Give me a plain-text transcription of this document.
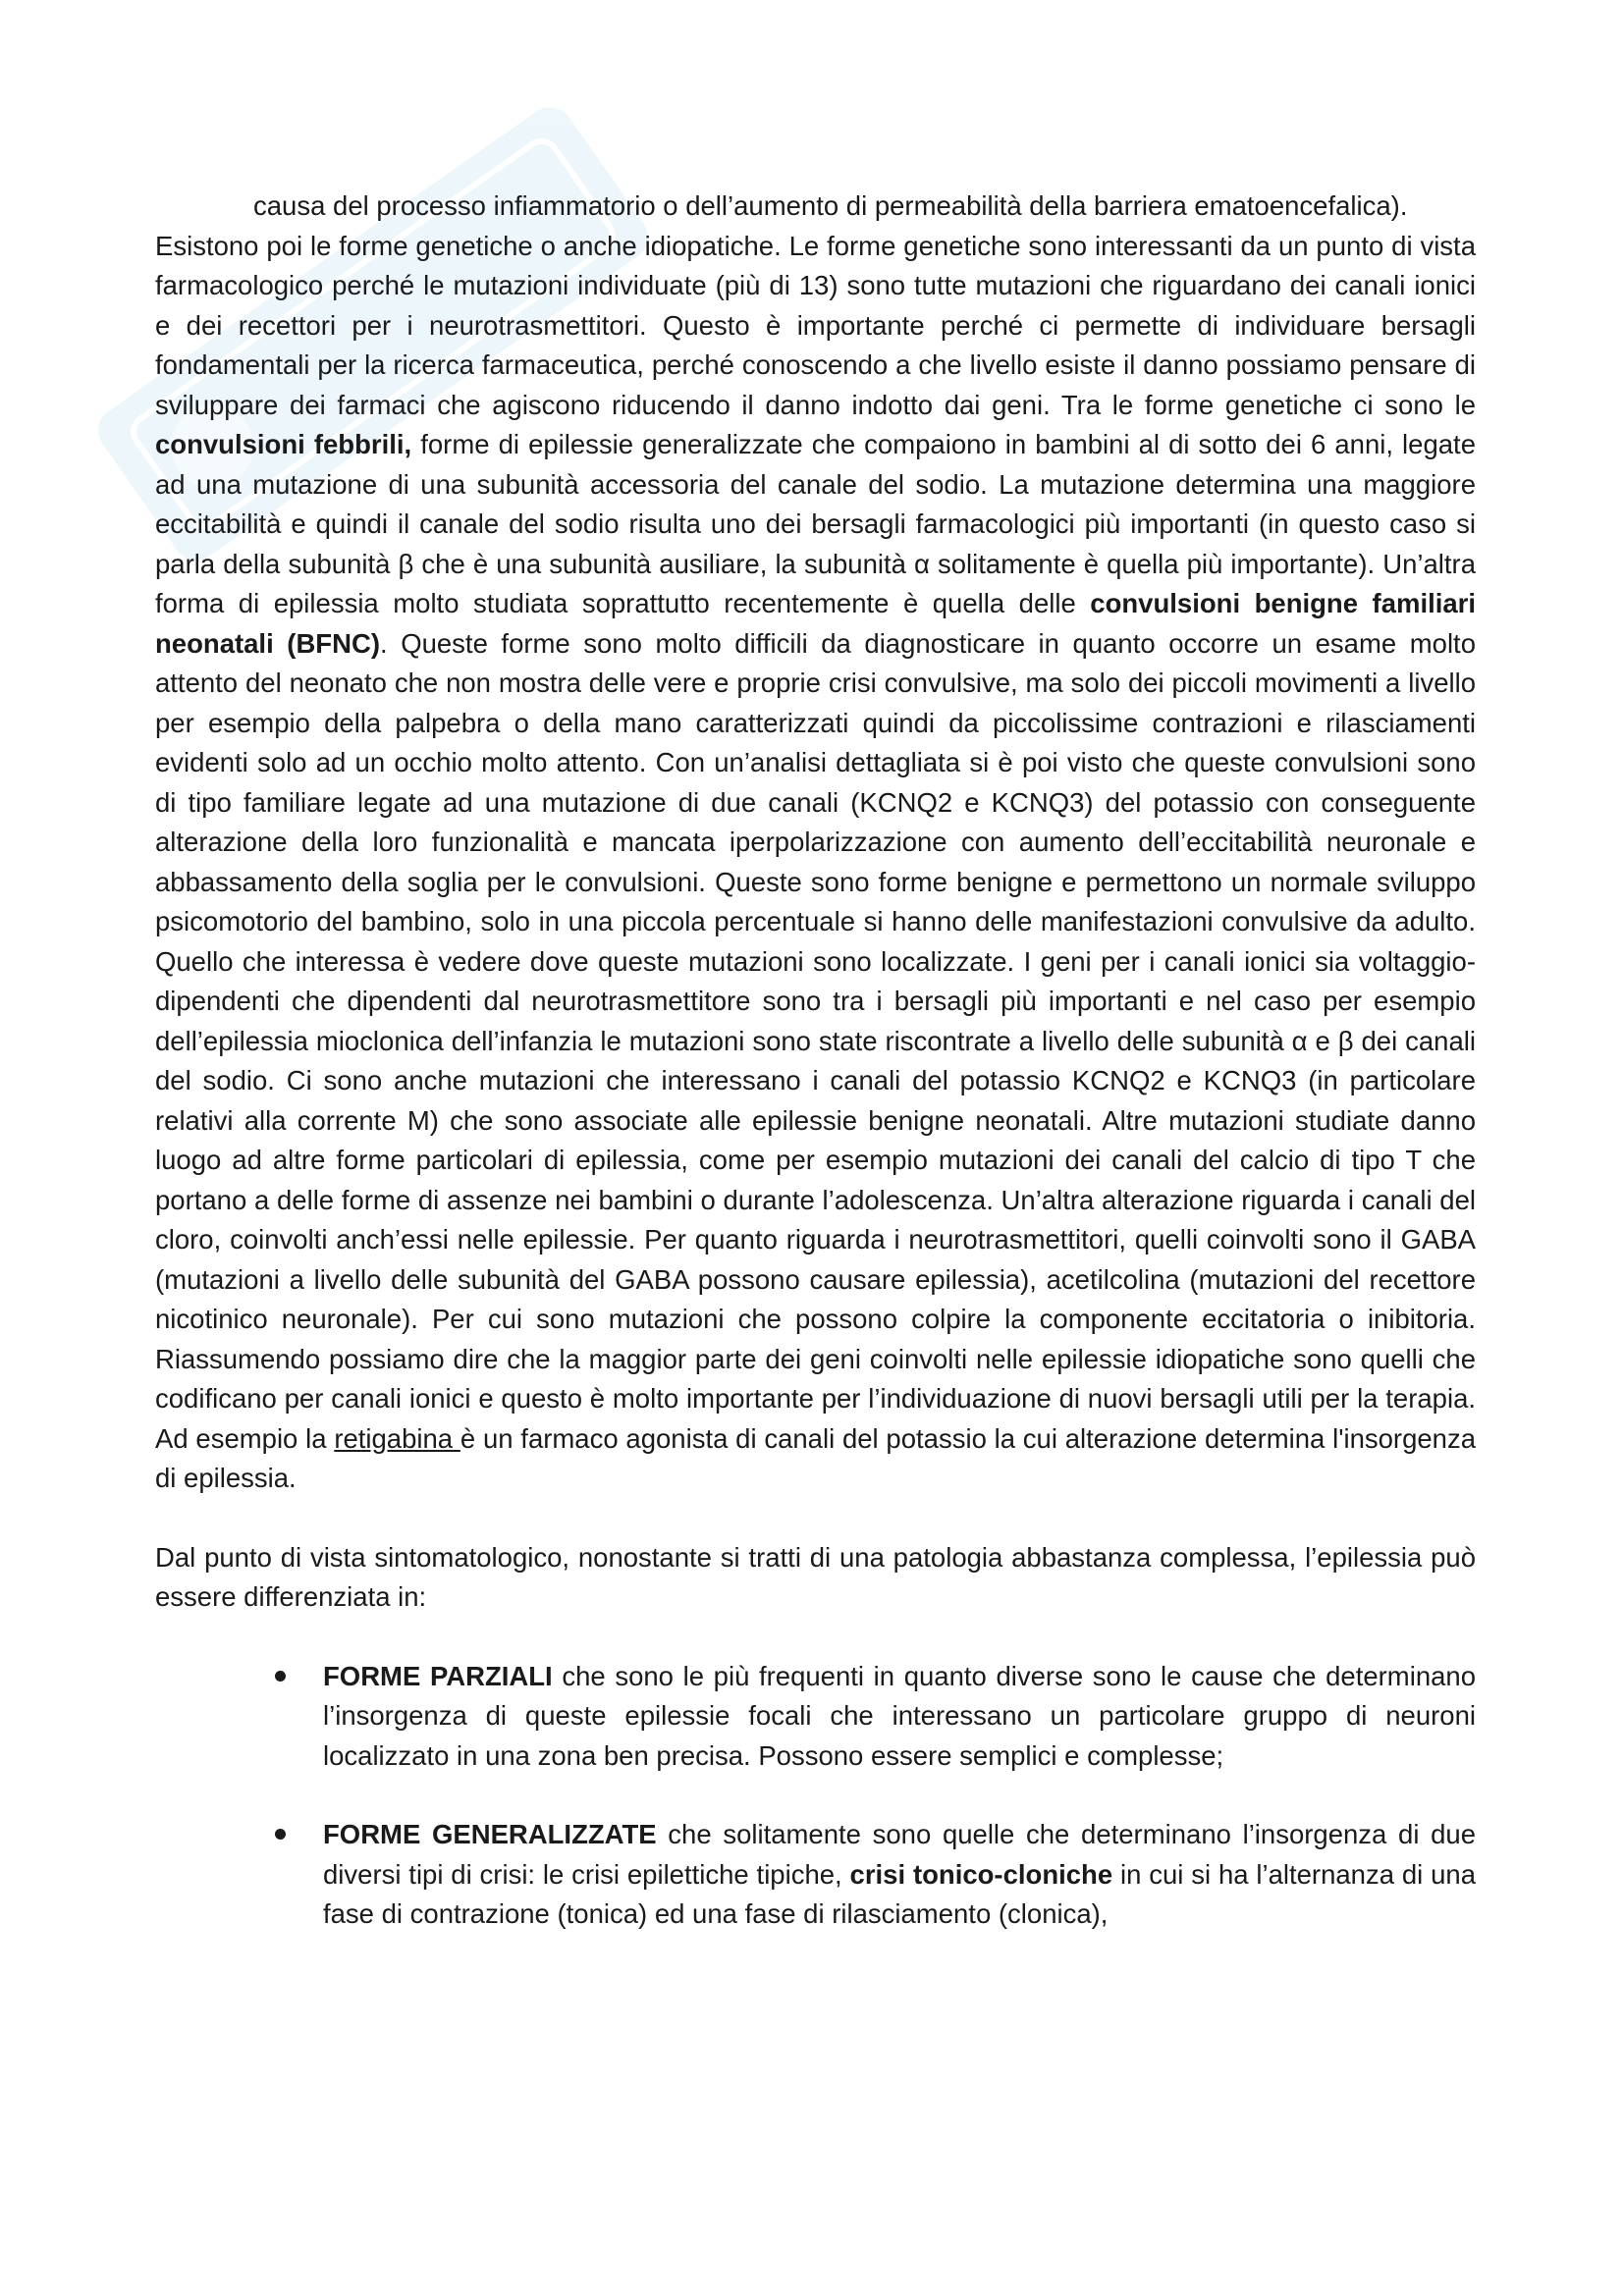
causa del processo infiammatorio o dell’aumento di permeabilità della barriera ematoencefalica).

Esistono poi le forme genetiche o anche idiopatiche. Le forme genetiche sono interessanti da un punto di vista farmacologico perché le mutazioni individuate (più di 13) sono tutte mutazioni che riguardano dei canali ionici e dei recettori per i neurotrasmettitori. Questo è importante perché ci permette di individuare bersagli fondamentali per la ricerca farmaceutica, perché conoscendo a che livello esiste il danno possiamo pensare di sviluppare dei farmaci che agiscono riducendo il danno indotto dai geni. Tra le forme genetiche ci sono le convulsioni febbrili, forme di epilessie generalizzate che compaiono in bambini al di sotto dei 6 anni, legate ad una mutazione di una subunità accessoria del canale del sodio. La mutazione determina una maggiore eccitabilità e quindi il canale del sodio risulta uno dei bersagli farmacologici più importanti (in questo caso si parla della subunità β che è una subunità ausiliare, la subunità α solitamente è quella più importante). Un’altra forma di epilessia molto studiata soprattutto recentemente è quella delle convulsioni benigne familiari neonatali (BFNC). Queste forme sono molto difficili da diagnosticare in quanto occorre un esame molto attento del neonato che non mostra delle vere e proprie crisi convulsive, ma solo dei piccoli movimenti a livello per esempio della palpebra o della mano caratterizzati quindi da piccolissime contrazioni e rilasciamenti evidenti solo ad un occhio molto attento. Con un’analisi dettagliata si è poi visto che queste convulsioni sono di tipo familiare legate ad una mutazione di due canali (KCNQ2 e KCNQ3) del potassio con conseguente alterazione della loro funzionalità e mancata iperpolarizzazione con aumento dell’eccitabilità neuronale e abbassamento della soglia per le convulsioni. Queste sono forme benigne e permettono un normale sviluppo psicomotorio del bambino, solo in una piccola percentuale si hanno delle manifestazioni convulsive da adulto. Quello che interessa è vedere dove queste mutazioni sono localizzate. I geni per i canali ionici sia voltaggio-dipendenti che dipendenti dal neurotrasmettitore sono tra i bersagli più importanti e nel caso per esempio dell’epilessia mioclonica dell’infanzia le mutazioni sono state riscontrate a livello delle subunità α e β dei canali del sodio. Ci sono anche mutazioni che interessano i canali del potassio KCNQ2 e KCNQ3 (in particolare relativi alla corrente M) che sono associate alle epilessie benigne neonatali. Altre mutazioni studiate danno luogo ad altre forme particolari di epilessia, come per esempio mutazioni dei canali del calcio di tipo T che portano a delle forme di assenze nei bambini o durante l’adolescenza. Un’altra alterazione riguarda i canali del cloro, coinvolti anch’essi nelle epilessie. Per quanto riguarda i neurotrasmettitori, quelli coinvolti sono il GABA (mutazioni a livello delle subunità del GABA possono causare epilessia), acetilcolina (mutazioni del recettore nicotinico neuronale). Per cui sono mutazioni che possono colpire la componente eccitatoria o inibitoria. Riassumendo possiamo dire che la maggior parte dei geni coinvolti nelle epilessie idiopatiche sono quelli che codificano per canali ionici e questo è molto importante per l’individuazione di nuovi bersagli utili per la terapia. Ad esempio la retigabina è un farmaco agonista di canali del potassio la cui alterazione determina l'insorgenza di epilessia.

Dal punto di vista sintomatologico, nonostante si tratti di una patologia abbastanza complessa, l’epilessia può essere differenziata in:

FORME PARZIALI che sono le più frequenti in quanto diverse sono le cause che determinano l’insorgenza di queste epilessie focali che interessano un particolare gruppo di neuroni localizzato in una zona ben precisa. Possono essere semplici e complesse;
FORME GENERALIZZATE che solitamente sono quelle che determinano l’insorgenza di due diversi tipi di crisi: le crisi epilettiche tipiche, crisi tonico-cloniche in cui si ha l’alternanza di una fase di contrazione (tonica) ed una fase di rilasciamento (clonica),
